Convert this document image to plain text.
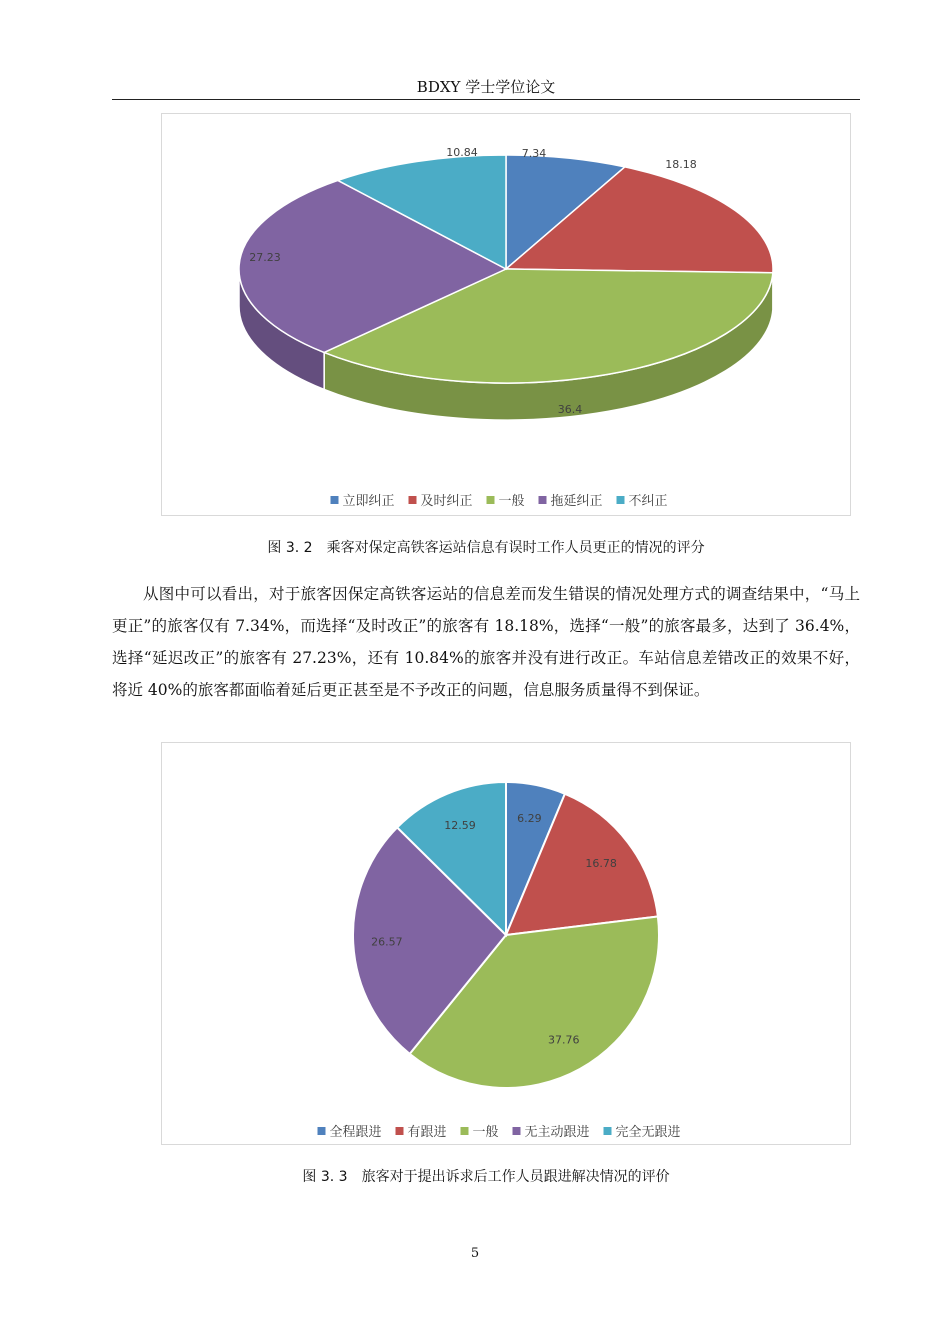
BDXY 学士学位论文
7.34
18.18
36.4
27.23
10.84
立即纠正 及时纠正 一般 拖延纠正 不纠正
图 3. 2　乘客对保定高铁客运站信息有误时工作人员更正的情况的评分

从图中可以看出，对于旅客因保定高铁客运站的信息差而发生错误的情况处理方式的调查结果中，“马上更正”的旅客仅有 7.34%，而选择“及时改正”的旅客有 18.18%，选择“一般”的旅客最多，达到了 36.4%，选择“延迟改正”的旅客有 27.23%，还有 10.84%的旅客并没有进行改正。车站信息差错改正的效果不好，将近 40%的旅客都面临着延后更正甚至是不予改正的问题，信息服务质量得不到保证。

6.29
16.78
37.76
26.57
12.59
全程跟进 有跟进 一般 无主动跟进 完全无跟进
图 3. 3　旅客对于提出诉求后工作人员跟进解决情况的评价
5
